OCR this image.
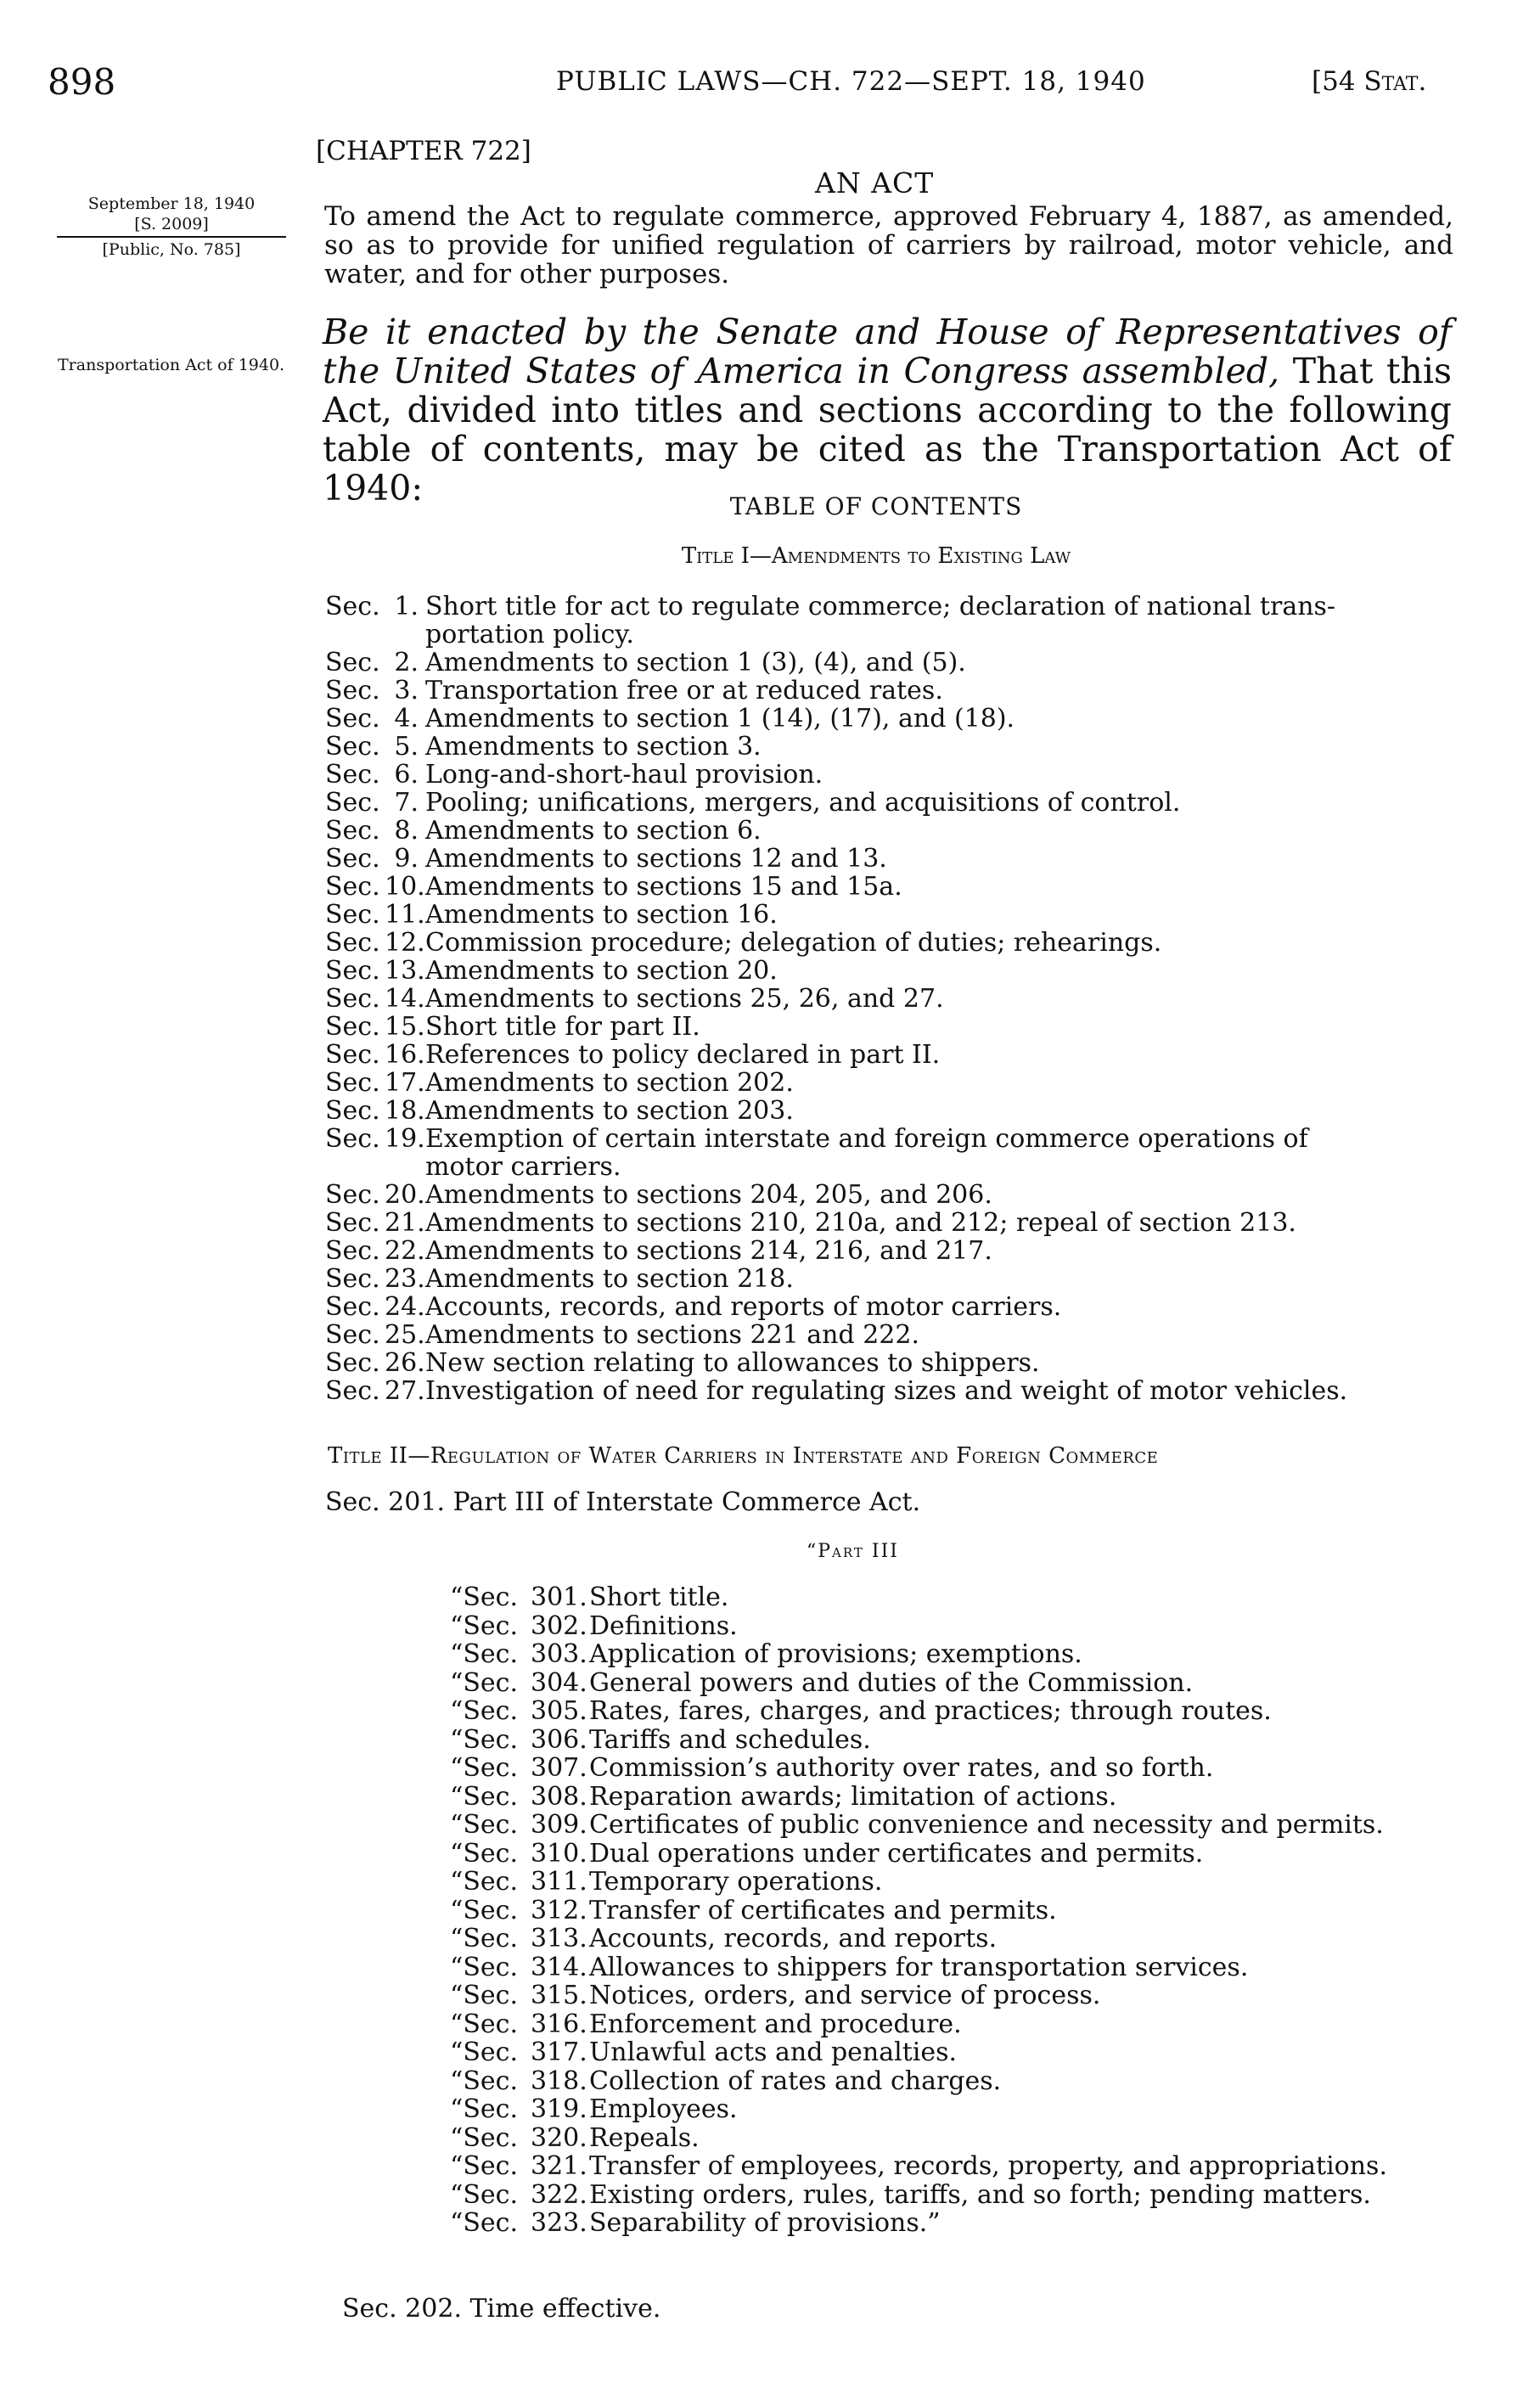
898	PUBLIC LAWS—CH. 722—SEPT. 18, 1940	[54 Stat.
September 18, 1940
[S. 2009]
[Public, No. 785]
Transportation Act of 1940.
[CHAPTER 722]
AN ACT
To amend the Act to regulate commerce, approved February 4, 1887, as amended, so as to provide for unified regulation of carriers by railroad, motor vehicle, and water, and for other purposes.
Be it enacted by the Senate and House of Representatives of the United States of America in Congress assembled, That this Act, divided into titles and sections according to the following table of contents, may be cited as the Transportation Act of 1940:	TABLE OF CONTENTS
Title I—Amendments to Existing Law
Sec. 1. Short title for act to regulate commerce; declaration of national trans-
portation policy.
Sec. 2. Amendments to section 1 (3), (4), and (5).
Sec. 3. Transportation free or at reduced rates.
Sec. 4. Amendments to section 1 (14), (17), and (18).
Sec. 5. Amendments to section 3.
Sec. 6. Long-and-short-haul provision.
Sec. 7. Pooling; unifications, mergers, and acquisitions of control.
Sec. 8. Amendments to section 6.
Sec. 9. Amendments to sections 12 and 13.
Sec. 10. Amendments to sections 15 and 15a.
Sec. 11. Amendments to section 16.
Sec. 12. Commission procedure; delegation of duties; rehearings.
Sec. 13. Amendments to section 20.
Sec. 14. Amendments to sections 25, 26, and 27.
Sec. 15. Short title for part II.
Sec. 16. References to policy declared in part II.
Sec. 17. Amendments to section 202.
Sec. 18. Amendments to section 203.
Sec. 19. Exemption of certain interstate and foreign commerce operations of
motor carriers.
Sec. 20. Amendments to sections 204, 205, and 206.
Sec. 21. Amendments to sections 210, 210a, and 212; repeal of section 213.
Sec. 22. Amendments to sections 214, 216, and 217.
Sec. 23. Amendments to section 218.
Sec. 24. Accounts, records, and reports of motor carriers.
Sec. 25. Amendments to sections 221 and 222.
Sec. 26. New section relating to allowances to shippers.
Sec. 27. Investigation of need for regulating sizes and weight of motor vehicles.
Title II—Regulation of Water Carriers in Interstate and Foreign Commerce
Sec. 201. Part III of Interstate Commerce Act.
“Part III
“Sec. 301. Short title.
“Sec. 302. Definitions.
“Sec. 303. Application of provisions; exemptions.
“Sec. 304. General powers and duties of the Commission.
“Sec. 305. Rates, fares, charges, and practices; through routes.
“Sec. 306. Tariffs and schedules.
“Sec. 307. Commission’s authority over rates, and so forth.
“Sec. 308. Reparation awards; limitation of actions.
“Sec. 309. Certificates of public convenience and necessity and permits.
“Sec. 310. Dual operations under certificates and permits.
“Sec. 311. Temporary operations.
“Sec. 312. Transfer of certificates and permits.
“Sec. 313. Accounts, records, and reports.
“Sec. 314. Allowances to shippers for transportation services.
“Sec. 315. Notices, orders, and service of process.
“Sec. 316. Enforcement and procedure.
“Sec. 317. Unlawful acts and penalties.
“Sec. 318. Collection of rates and charges.
“Sec. 319. Employees.
“Sec. 320. Repeals.
“Sec. 321. Transfer of employees, records, property, and appropriations.
“Sec. 322. Existing orders, rules, tariffs, and so forth; pending matters.
“Sec. 323. Separability of provisions.”
Sec. 202. Time effective.
